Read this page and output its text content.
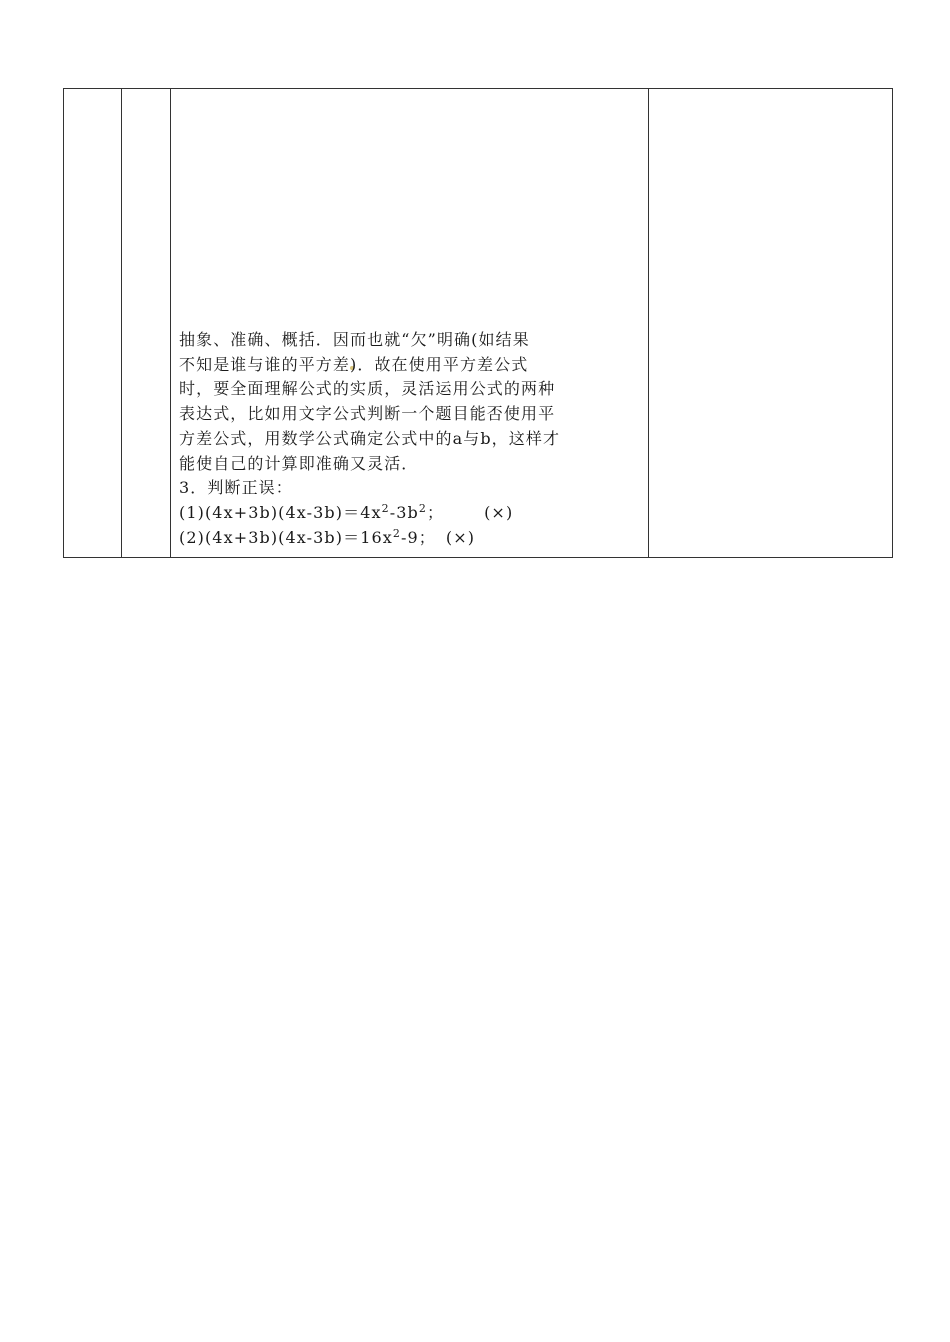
抽象、准确、概括．因而也就“欠”明确(如结果

不知是谁与谁的平方差)．故在使用平方差公式

时，要全面理解公式的实质，灵活运用公式的两种

表达式，比如用文字公式判断一个题目能否使用平

方差公式，用数学公式确定公式中的a与b，这样才

能使自己的计算即准确又灵活．

3．判断正误：

$(1)(4x+3b)(4x-3b)=4x^2-3b^2$；	(×)

$(2)(4x+3b)(4x-3b)=16x^2-9$； (×)
